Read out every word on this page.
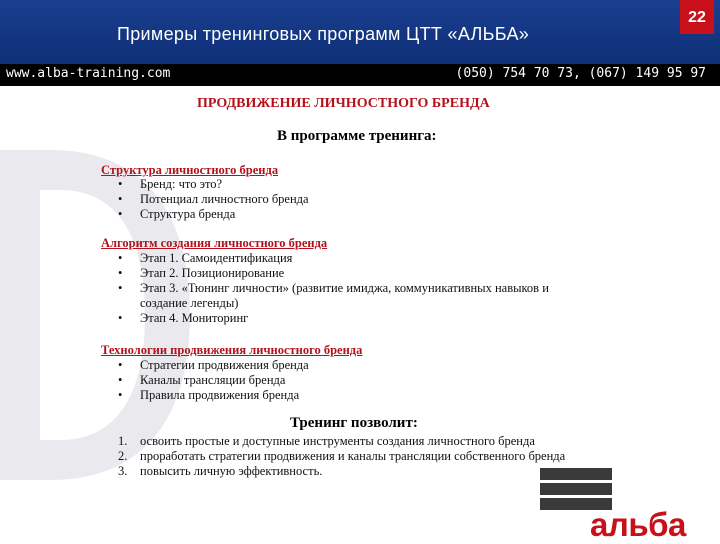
Примеры тренинговых программ ЦТТ «АЛЬБА»
22
www.alba-training.com	(050) 754 70 73, (067) 149 95 97
ПРОДВИЖЕНИЕ ЛИЧНОСТНОГО БРЕНДА
В программе тренинга:
Структура личностного бренда
• Бренд: что это?
• Потенциал личностного бренда
• Структура бренда
Алгоритм создания личностного бренда
• Этап 1. Самоидентификация
• Этап 2. Позиционирование
• Этап 3. «Тюнинг личности» (развитие имиджа, коммуникативных навыков и создание легенды)
• Этап 4. Мониторинг
Технологии продвижения личностного бренда
• Стратегии продвижения бренда
• Каналы трансляции бренда
• Правила продвижения бренда
Тренинг позволит:
1. освоить простые и доступные инструменты создания личностного бренда
2. проработать стратегии продвижения и каналы трансляции собственного бренда
3. повысить личную эффективность.
альба
